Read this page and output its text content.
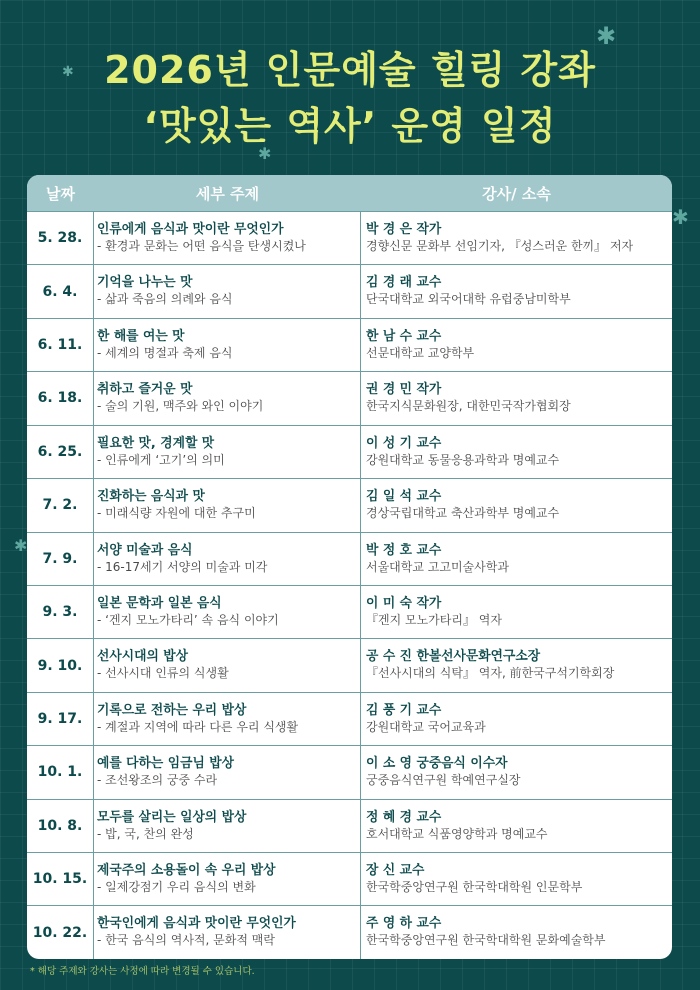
✱
✱
✱
✱
✱
2026년 인문예술 힐링 강좌
‘맛있는 역사’ 운영 일정
날짜	세부 주제	강사/ 소속
5. 28.
인류에게 음식과 맛이란 무엇인가
- 환경과 문화는 어떤 음식을 탄생시켰나
박 경 은 작가
경향신문 문화부 선임기자, 『성스러운 한끼』 저자
6. 4.
기억을 나누는 맛
- 삶과 죽음의 의례와 음식
김 경 래 교수
단국대학교 외국어대학 유럽중남미학부
6. 11.
한 해를 여는 맛
- 세계의 명절과 축제 음식
한 남 수 교수
선문대학교 교양학부
6. 18.
취하고 즐거운 맛
- 술의 기원, 맥주와 와인 이야기
권 경 민 작가
한국지식문화원장, 대한민국작가협회장
6. 25.
필요한 맛, 경계할 맛
- 인류에게 ‘고기’의 의미
이 성 기 교수
강원대학교 동물응용과학과 명예교수
7. 2.
진화하는 음식과 맛
- 미래식량 자원에 대한 추구미
김 일 석 교수
경상국립대학교 축산과학부 명예교수
7. 9.
서양 미술과 음식
- 16-17세기 서양의 미술과 미각
박 정 호 교수
서울대학교 고고미술사학과
9. 3.
일본 문학과 일본 음식
- ‘겐지 모노가타리’ 속 음식 이야기
이 미 숙 작가
『겐지 모노가타리』 역자
9. 10.
선사시대의 밥상
- 선사시대 인류의 식생활
공 수 진 한볼선사문화연구소장
『선사시대의 식탁』 역자, 前한국구석기학회장
9. 17.
기록으로 전하는 우리 밥상
- 계절과 지역에 따라 다른 우리 식생활
김 풍 기 교수
강원대학교 국어교육과
10. 1.
예를 다하는 임금님 밥상
- 조선왕조의 궁중 수라
이 소 영 궁중음식 이수자
궁중음식연구원 학예연구실장
10. 8.
모두를 살리는 일상의 밥상
- 밥, 국, 찬의 완성
정 혜 경 교수
호서대학교 식품영양학과 명예교수
10. 15.
제국주의 소용돌이 속 우리 밥상
- 일제강점기 우리 음식의 변화
장 신 교수
한국학중앙연구원 한국학대학원 인문학부
10. 22.
한국인에게 음식과 맛이란 무엇인가
- 한국 음식의 역사적, 문화적 맥락
주 영 하 교수
한국학중앙연구원 한국학대학원 문화예술학부
* 해당 주제와 강사는 사정에 따라 변경될 수 있습니다.
